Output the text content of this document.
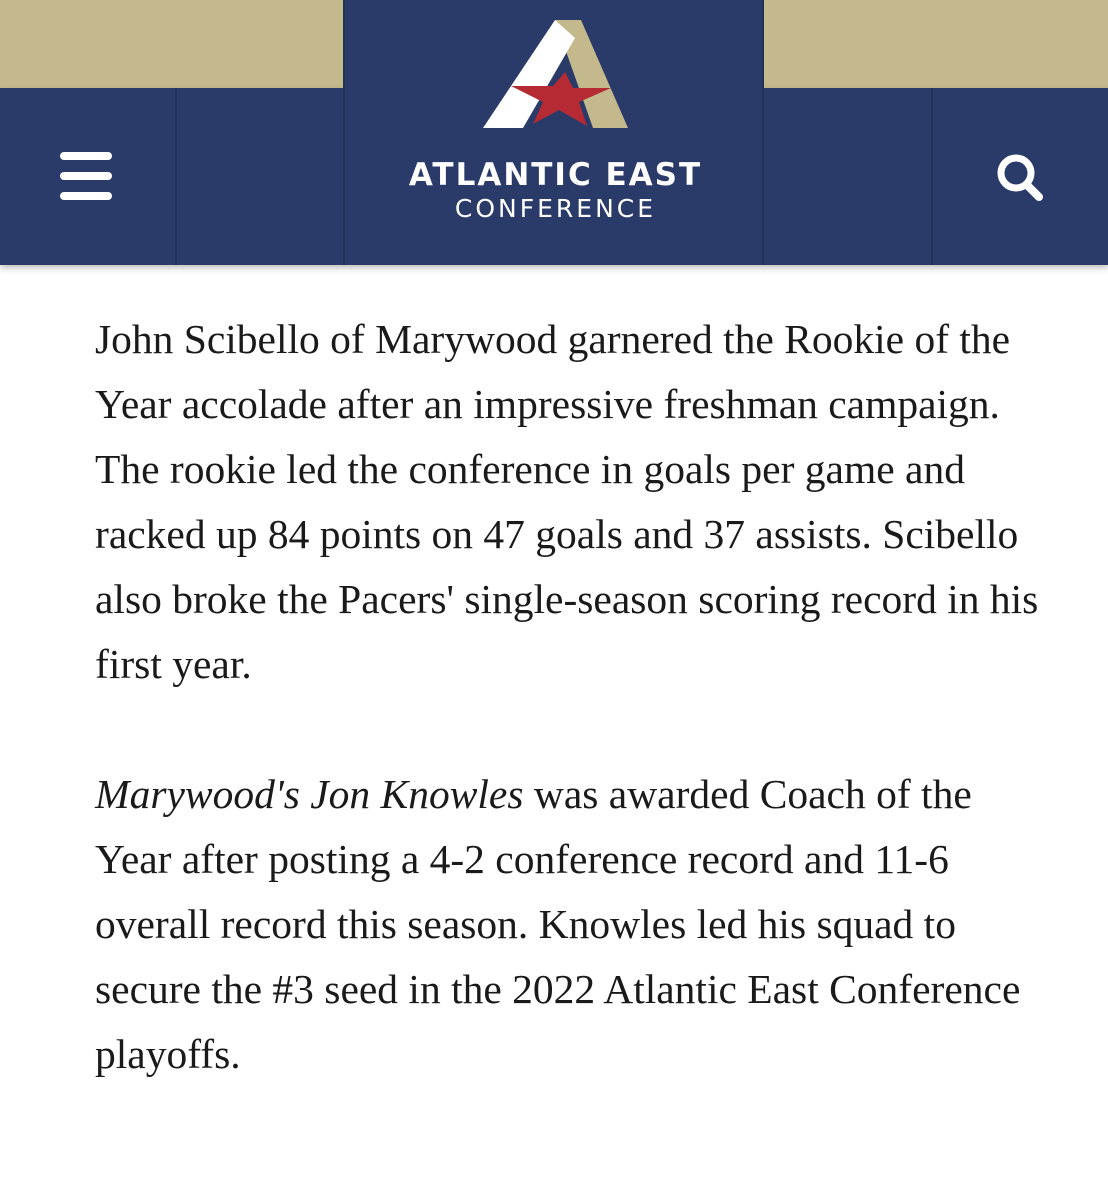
ATLANTIC EAST
CONFERENCE

John Scibello of Marywood garnered the Rookie of the Year accolade after an impressive freshman campaign. The rookie led the conference in goals per game and racked up 84 points on 47 goals and 37 assists. Scibello also broke the Pacers' single-season scoring record in his first year.

Marywood's Jon Knowles was awarded Coach of the Year after posting a 4-2 conference record and 11-6 overall record this season. Knowles led his squad to secure the #3 seed in the 2022 Atlantic East Conference playoffs.
